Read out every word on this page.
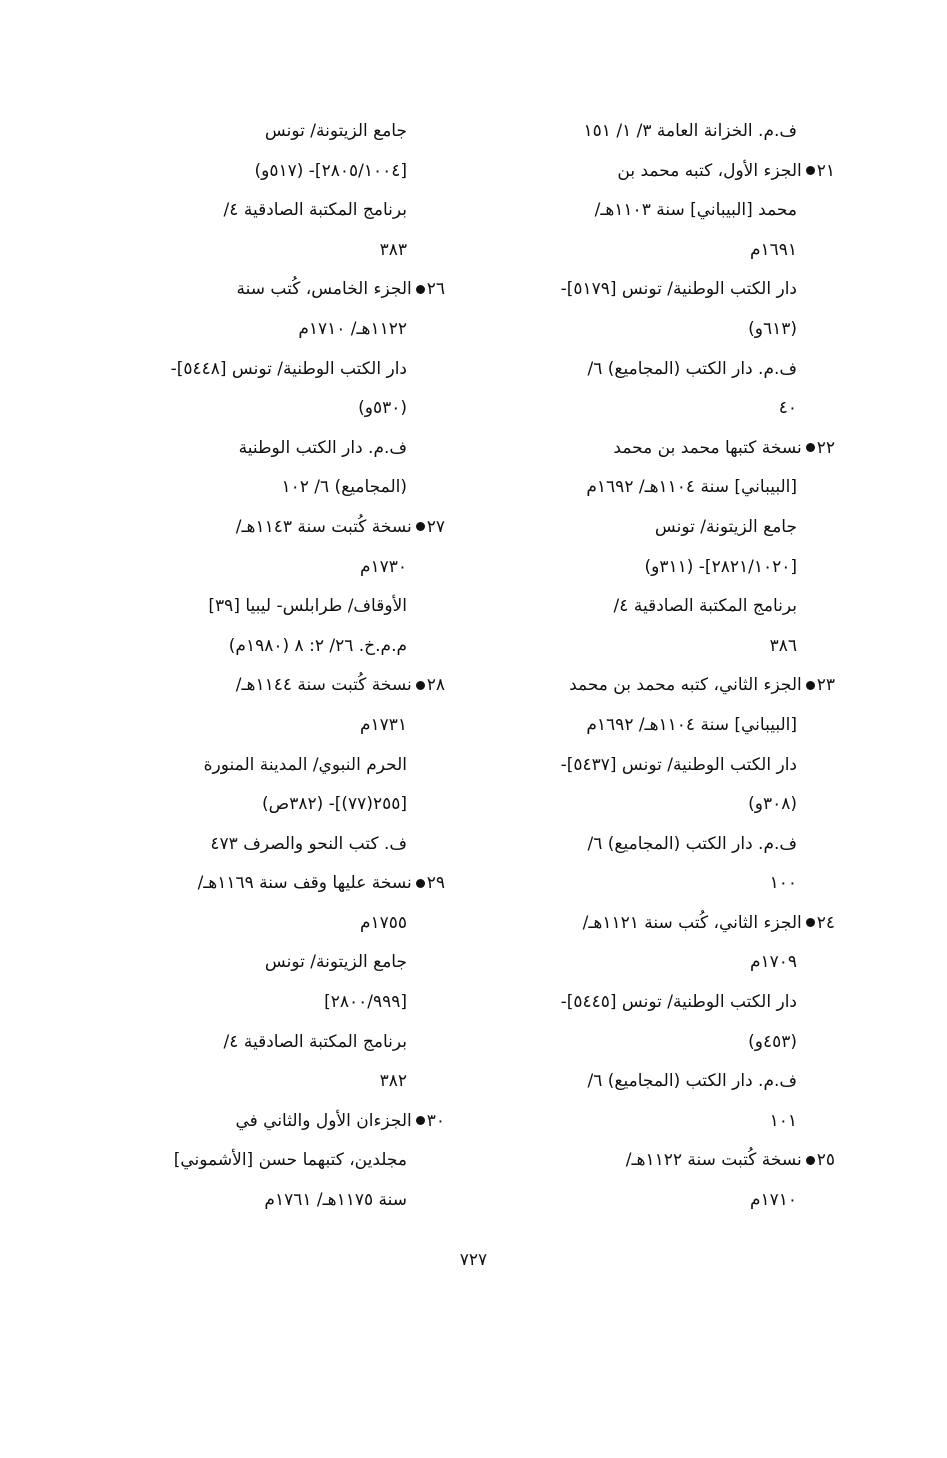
ف.م. الخزانة العامة ٣/ ١/ ١٥١
٢١الجزء الأول، كتبه محمد بن
محمد [البيباني] سنة ١١٠٣هـ/
١٦٩١م
دار الكتب الوطنية/ تونس [٥١٧٩]-
(٦١٣و)
ف.م. دار الكتب (المجاميع) ٦/
٤٠
٢٢نسخة كتبها محمد بن محمد
[البيباني] سنة ١١٠٤هـ/ ١٦٩٢م
جامع الزيتونة/ تونس
[٢٨٢١/١٠٢٠]- (٣١١و)
برنامج المكتبة الصادقية ٤/
٣٨٦
٢٣الجزء الثاني، كتبه محمد بن محمد
[البيباني] سنة ١١٠٤هـ/ ١٦٩٢م
دار الكتب الوطنية/ تونس [٥٤٣٧]-
(٣٠٨و)
ف.م. دار الكتب (المجاميع) ٦/
١٠٠
٢٤الجزء الثاني، كُتب سنة ١١٢١هـ/
١٧٠٩م
دار الكتب الوطنية/ تونس [٥٤٤٥]-
(٤٥٣و)
ف.م. دار الكتب (المجاميع) ٦/
١٠١
٢٥نسخة كُتبت سنة ١١٢٢هـ/
١٧١٠م
جامع الزيتونة/ تونس
[٢٨٠٥/١٠٠٤]- (٥١٧و)
برنامج المكتبة الصادقية ٤/
٣٨٣
٢٦الجزء الخامس، كُتب سنة
١١٢٢هـ/ ١٧١٠م
دار الكتب الوطنية/ تونس [٥٤٤٨]-
(٥٣٠و)
ف.م. دار الكتب الوطنية
(المجاميع) ٦/ ١٠٢
٢٧نسخة كُتبت سنة ١١٤٣هـ/
١٧٣٠م
الأوقاف/ طرابلس- ليبيا [٣٩]
م.م.خ. ٢٦/ ٢: ٨ (١٩٨٠م)
٢٨نسخة كُتبت سنة ١١٤٤هـ/
١٧٣١م
الحرم النبوي/ المدينة المنورة
[٢٥٥(٧٧)]- (٣٨٢ص)
ف. كتب النحو والصرف ٤٧٣
٢٩نسخة عليها وقف سنة ١١٦٩هـ/
١٧٥٥م
جامع الزيتونة/ تونس
[٢٨٠٠/٩٩٩]
برنامج المكتبة الصادقية ٤/
٣٨٢
٣٠الجزءان الأول والثاني في
مجلدين، كتبهما حسن [الأشموني]
سنة ١١٧٥هـ/ ١٧٦١م
٧٢٧
